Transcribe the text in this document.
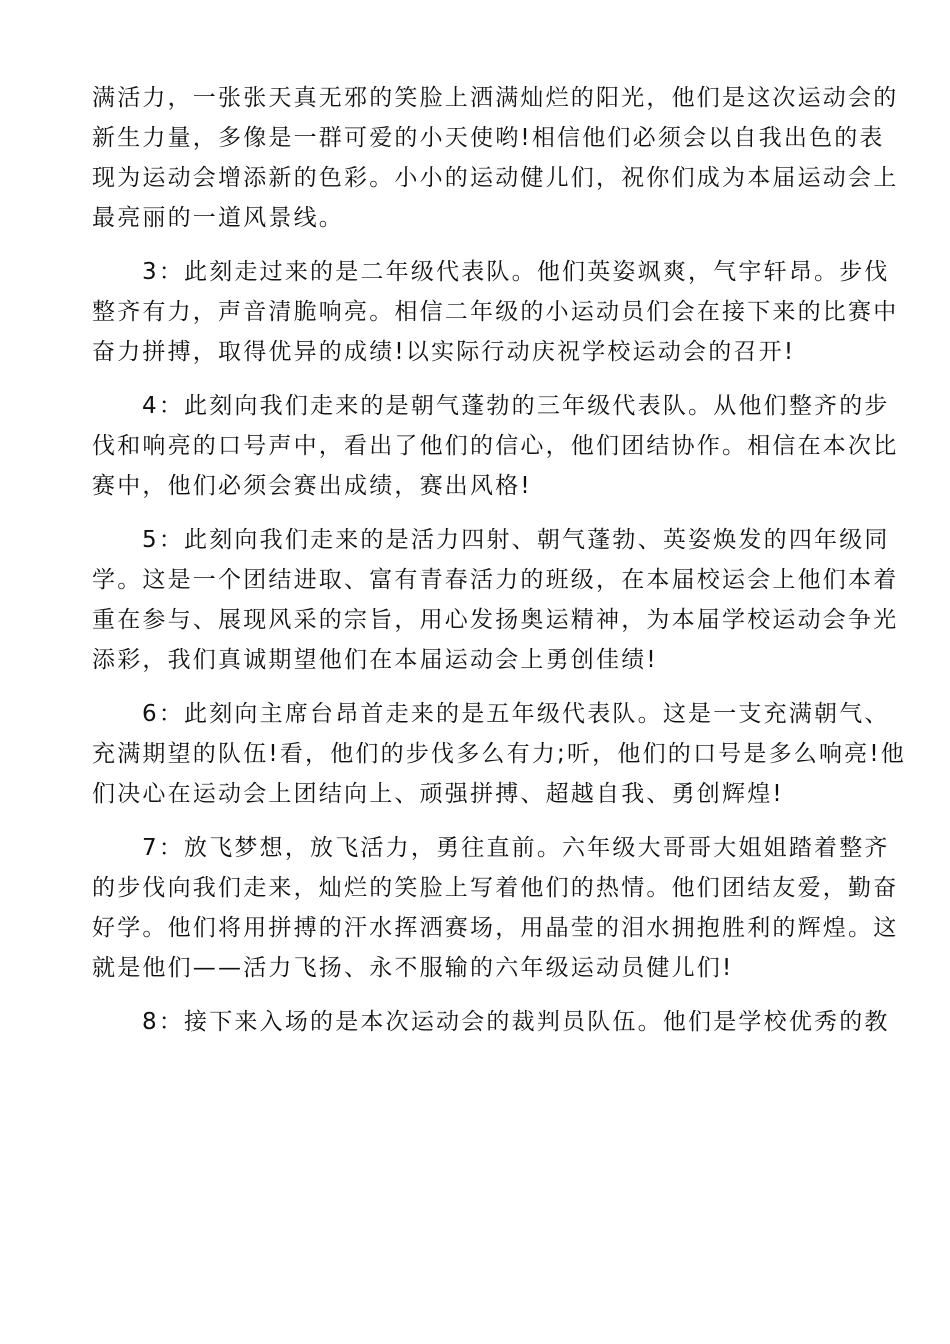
满活力，一张张天真无邪的笑脸上洒满灿烂的阳光，他们是这次运动会的
新生力量，多像是一群可爱的小天使哟!相信他们必须会以自我出色的表
现为运动会增添新的色彩。小小的运动健儿们，祝你们成为本届运动会上
最亮丽的一道风景线。
3：此刻走过来的是二年级代表队。他们英姿飒爽，气宇轩昂。步伐
整齐有力，声音清脆响亮。相信二年级的小运动员们会在接下来的比赛中
奋力拼搏，取得优异的成绩!以实际行动庆祝学校运动会的召开!
4：此刻向我们走来的是朝气蓬勃的三年级代表队。从他们整齐的步
伐和响亮的口号声中，看出了他们的信心，他们团结协作。相信在本次比
赛中，他们必须会赛出成绩，赛出风格!
5：此刻向我们走来的是活力四射、朝气蓬勃、英姿焕发的四年级同
学。这是一个团结进取、富有青春活力的班级，在本届校运会上他们本着
重在参与、展现风采的宗旨，用心发扬奥运精神，为本届学校运动会争光
添彩，我们真诚期望他们在本届运动会上勇创佳绩!
6：此刻向主席台昂首走来的是五年级代表队。这是一支充满朝气、
充满期望的队伍!看，他们的步伐多么有力;听，他们的口号是多么响亮!他
们决心在运动会上团结向上、顽强拼搏、超越自我、勇创辉煌!
7：放飞梦想，放飞活力，勇往直前。六年级大哥哥大姐姐踏着整齐
的步伐向我们走来，灿烂的笑脸上写着他们的热情。他们团结友爱，勤奋
好学。他们将用拼搏的汗水挥洒赛场，用晶莹的泪水拥抱胜利的辉煌。这
就是他们——活力飞扬、永不服输的六年级运动员健儿们!
8：接下来入场的是本次运动会的裁判员队伍。他们是学校优秀的教
